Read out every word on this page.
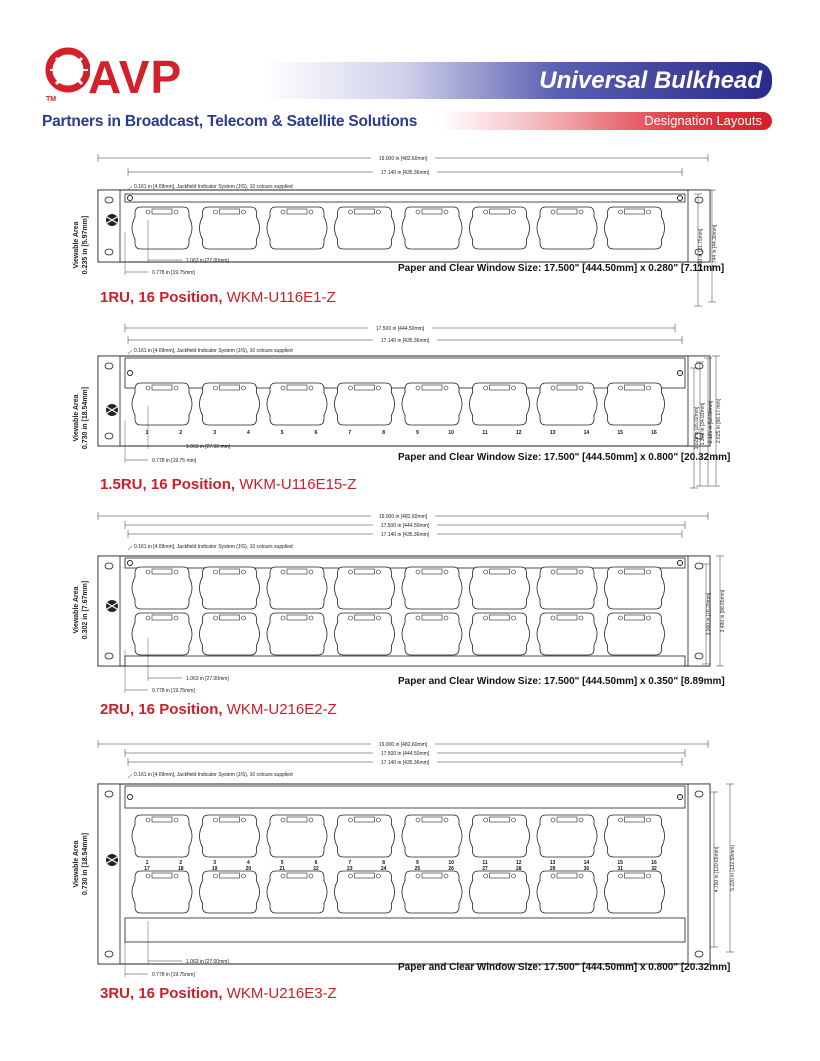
AVP
TM
Partners in Broadcast, Telecom & Satellite Solutions
Universal Bulkhead
Designation Layouts
19.000 in [482.60mm]
17.140 in [435.36mm]
0.161 in [4.09mm], Jackfield Indicator System (JIS), 10 colours supplied
1.250 in [31.75mm] 1.744 in [44.30mm]
Viewable Area 0.235 in [5.97mm]	1.063 in [27.00mm]
0.778 in [19.75mm]
17.500 in [444.50mm]
17.140 in [435.36mm]
0.161 in [4.09mm], Jackfield Indicator System (JIS), 10 colours supplied
1	2	3	4	5	6	7	8	9	10	11	12	13	14	15	16	1.025 in [26.02mm] 1.375 in [34.93mm] 2.125 in [53.98mm] 2.625 in [66.17 mm]
Viewable Area 0.730 in [18.54mm]	1.063 in [27.00 mm]
0.778 in [19.75 mm]
19.000 in [482.60mm]
17.500 in [444.50mm]
17.140 in [435.36mm]
0.161 in [4.09mm], Jackfield Indicator System (JIS), 10 colours supplied
3.000 in [76.20mm] 3.490 in [88.65mm]
Viewable Area 0.302 in [7.67mm]
1.063 in [27.00mm]
0.778 in [19.75mm]
19.000 in [482.60mm]
17.500 in [444.50mm]
17.140 in [435.36mm]
0.161 in [4.09mm], Jackfield Indicator System (JIS), 10 colours supplied
1	2	3	4	5	6	7	8	9	10	11	12	13	14	15	16
17	18	19	20	21	22	23	24	25	26	27	28	29	30	31	32	4.750 in [120.65mm] 5.220 in [132.59mm]
Viewable Area 0.730 in [18.54mm]
1.063 in [27.00mm]
0.778 in [19.75mm]
Paper and Clear Window Size: 17.500" [444.50mm] x 0.280" [7.11mm]
1RU, 16 Position, WKM-U116E1-Z
Paper and Clear Window Size: 17.500" [444.50mm] x 0.800" [20.32mm]
1.5RU, 16 Position, WKM-U116E15-Z
Paper and Clear Window Size: 17.500" [444.50mm] x 0.350" [8.89mm]
2RU, 16 Position, WKM-U216E2-Z
Paper and Clear Window Size: 17.500" [444.50mm] x 0.800" [20.32mm]
3RU, 16 Position, WKM-U216E3-Z
